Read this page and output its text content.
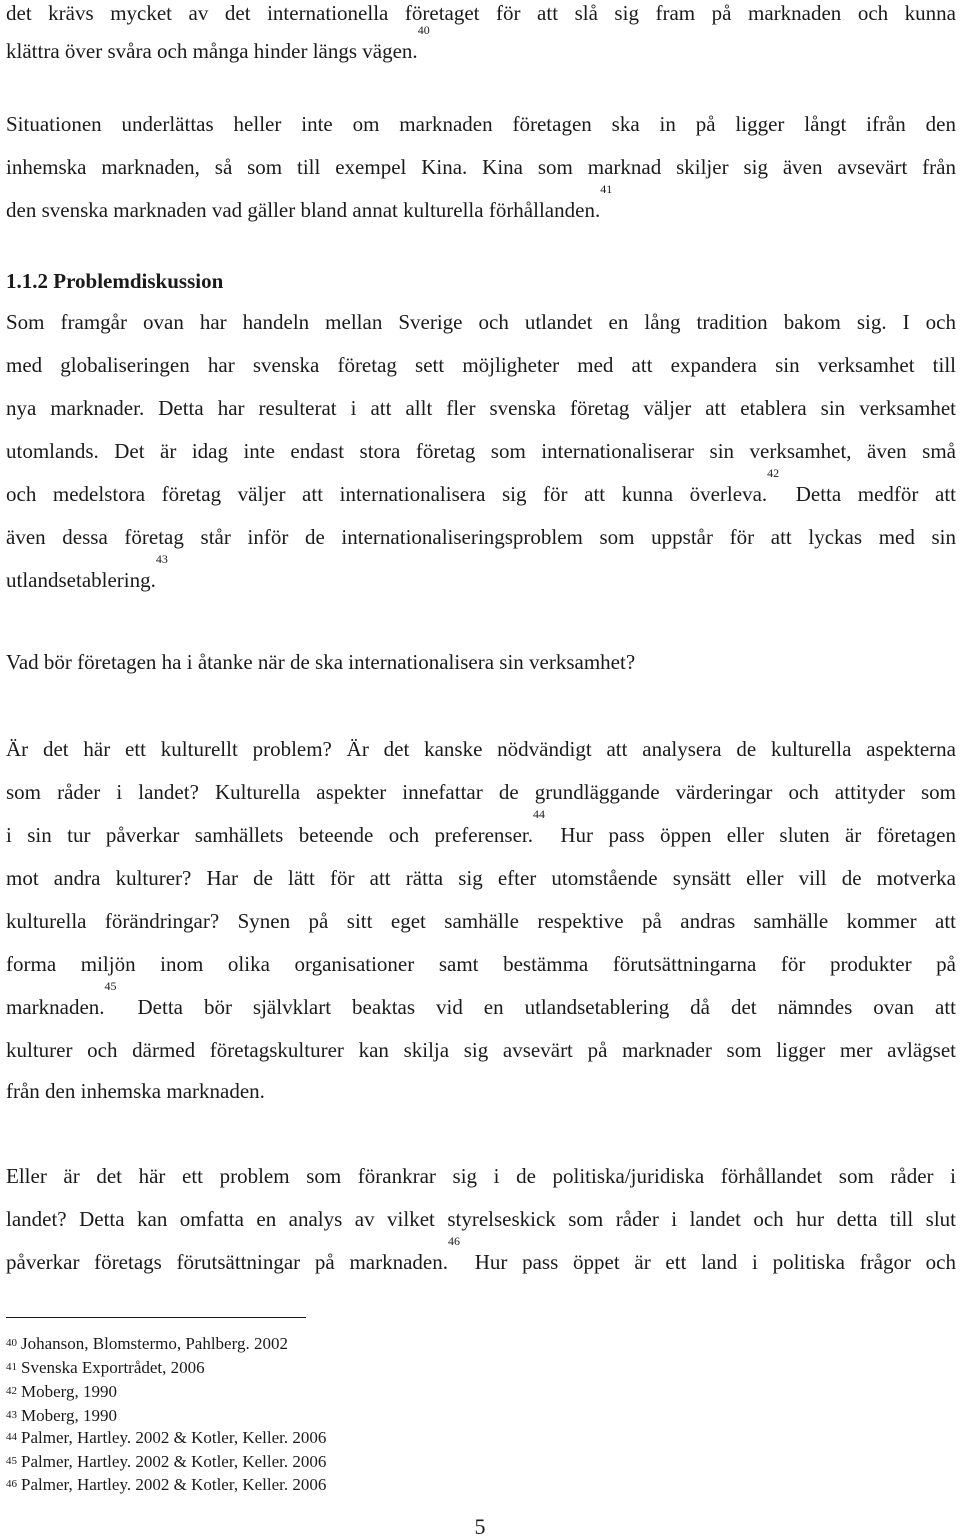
det krävs mycket av det internationella företaget för att slå sig fram på marknaden och kunna
klättra över svåra och många hinder längs vägen.$^{40}$
Situationen underlättas heller inte om marknaden företagen ska in på ligger långt ifrån den
inhemska marknaden, så som till exempel Kina. Kina som marknad skiljer sig även avsevärt från
den svenska marknaden vad gäller bland annat kulturella förhållanden.$^{41}$
Som framgår ovan har handeln mellan Sverige och utlandet en lång tradition bakom sig. I och
med globaliseringen har svenska företag sett möjligheter med att expandera sin verksamhet till
nya marknader. Detta har resulterat i att allt fler svenska företag väljer att etablera sin verksamhet
utomlands. Det är idag inte endast stora företag som internationaliserar sin verksamhet, även små
och medelstora företag väljer att internationalisera sig för att kunna överleva.$^{42}$ Detta medför att
även dessa företag står inför de internationaliseringsproblem som uppstår för att lyckas med sin
utlandsetablering.$^{43}$
Vad bör företagen ha i åtanke när de ska internationalisera sin verksamhet?
Är det här ett kulturellt problem? Är det kanske nödvändigt att analysera de kulturella aspekterna
som råder i landet? Kulturella aspekter innefattar de grundläggande värderingar och attityder som
i sin tur påverkar samhällets beteende och preferenser.$^{44}$ Hur pass öppen eller sluten är företagen
mot andra kulturer? Har de lätt för att rätta sig efter utomstående synsätt eller vill de motverka
kulturella förändringar? Synen på sitt eget samhälle respektive på andras samhälle kommer att
forma miljön inom olika organisationer samt bestämma förutsättningarna för produkter på
marknaden.$^{45}$ Detta bör självklart beaktas vid en utlandsetablering då det nämndes ovan att
kulturer och därmed företagskulturer kan skilja sig avsevärt på marknader som ligger mer avlägset
från den inhemska marknaden.
Eller är det här ett problem som förankrar sig i de politiska/juridiska förhållandet som råder i
landet? Detta kan omfatta en analys av vilket styrelseskick som råder i landet och hur detta till slut
påverkar företags förutsättningar på marknaden.$^{46}$ Hur pass öppet är ett land i politiska frågor och
1.1.2 Problemdiskussion
$^{40}$ Johanson, Blomstermo, Pahlberg. 2002
$^{41}$ Svenska Exportrådet, 2006
$^{42}$ Moberg, 1990
$^{43}$ Moberg, 1990
$^{44}$ Palmer, Hartley. 2002 & Kotler, Keller. 2006
$^{45}$ Palmer, Hartley. 2002 & Kotler, Keller. 2006
$^{46}$ Palmer, Hartley. 2002 & Kotler, Keller. 2006
5
